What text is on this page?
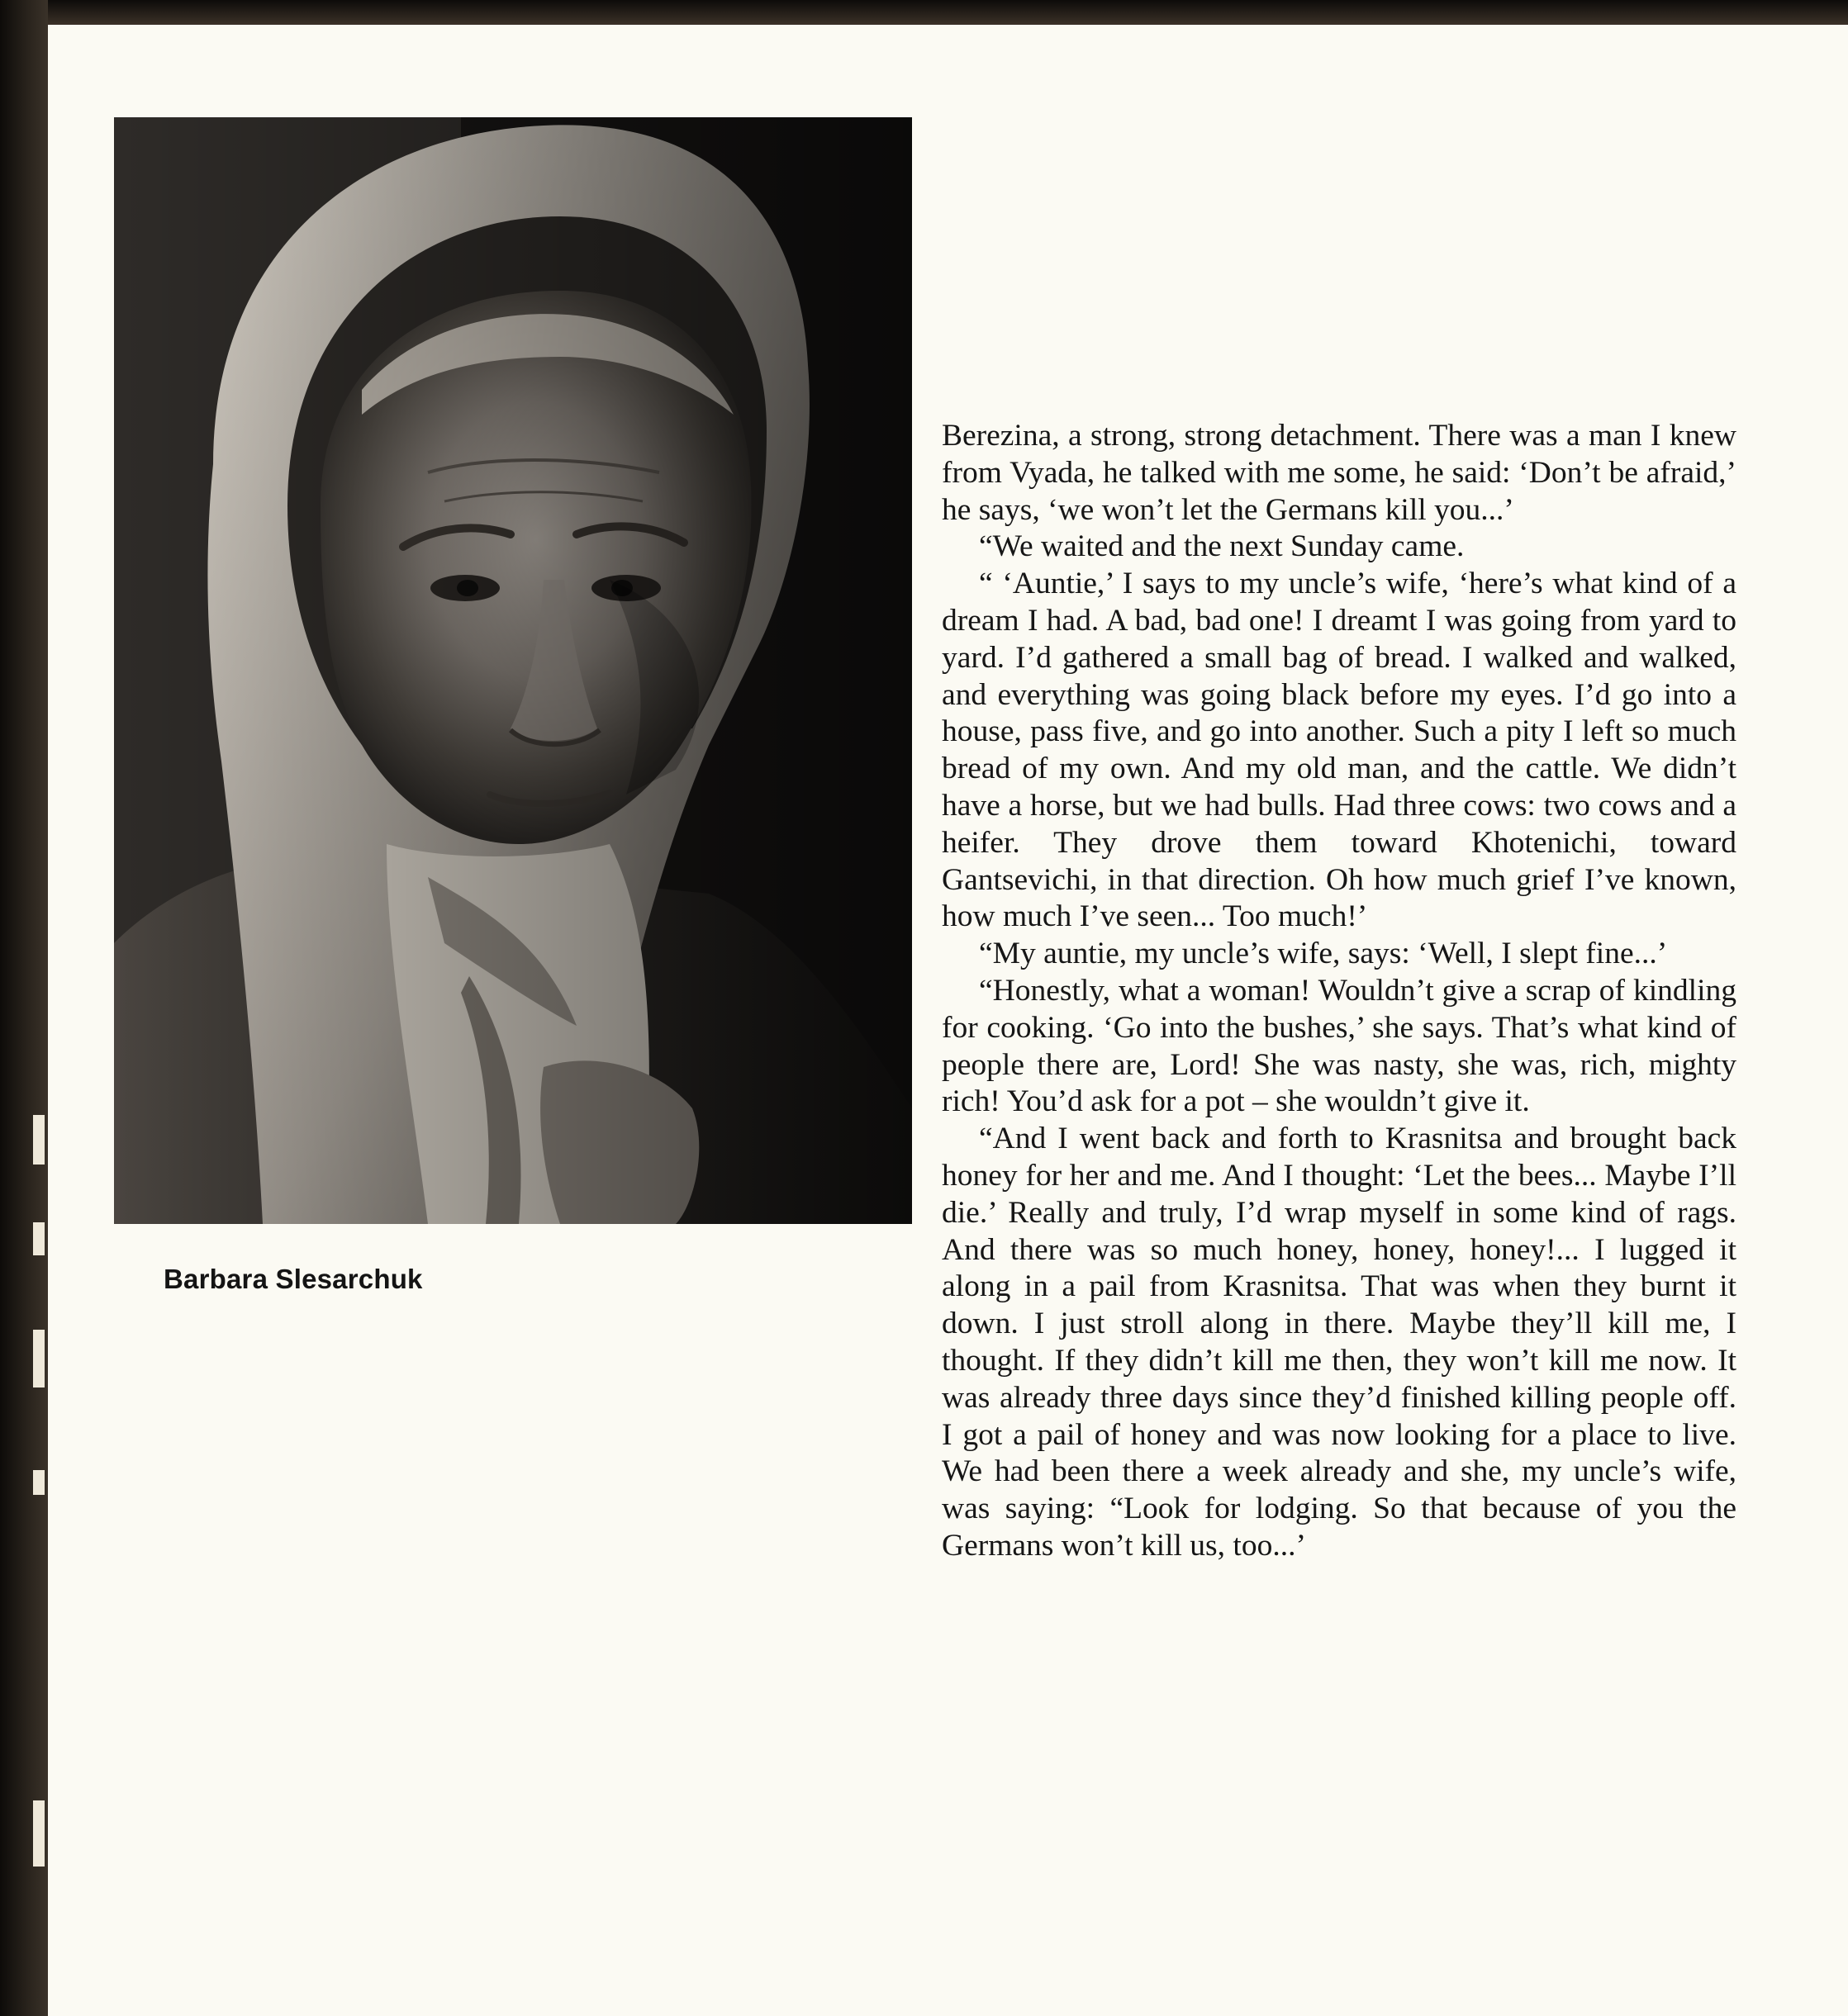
Barbara Slesarchuk

Berezina, a strong, strong detachment. There was a man I knew from Vyada, he talked with me some, he said: ‘Don’t be afraid,’ he says, ‘we won’t let the Germans kill you...’

“We waited and the next Sunday came.

“ ‘Auntie,’ I says to my uncle’s wife, ‘here’s what kind of a dream I had. A bad, bad one! I dreamt I was going from yard to yard. I’d gathered a small bag of bread. I walked and walked, and everything was going black before my eyes. I’d go into a house, pass five, and go into another. Such a pity I left so much bread of my own. And my old man, and the cattle. We didn’t have a horse, but we had bulls. Had three cows: two cows and a heifer. They drove them toward Khotenichi, toward Gantsevichi, in that direction. Oh how much grief I’ve known, how much I’ve seen... Too much!’

“My auntie, my uncle’s wife, says: ‘Well, I slept fine...’

“Honestly, what a woman! Wouldn’t give a scrap of kindling for cooking. ‘Go into the bushes,’ she says. That’s what kind of people there are, Lord! She was nasty, she was, rich, mighty rich! You’d ask for a pot – she wouldn’t give it.

“And I went back and forth to Krasnitsa and brought back honey for her and me. And I thought: ‘Let the bees... Maybe I’ll die.’ Really and truly, I’d wrap myself in some kind of rags. And there was so much honey, honey, honey!... I lugged it along in a pail from Krasnitsa. That was when they burnt it down. I just stroll along in there. Maybe they’ll kill me, I thought. If they didn’t kill me then, they won’t kill me now. It was already three days since they’d finished killing people off. I got a pail of honey and was now looking for a place to live. We had been there a week already and she, my uncle’s wife, was saying: “Look for lodging. So that because of you the Germans won’t kill us, too...’
